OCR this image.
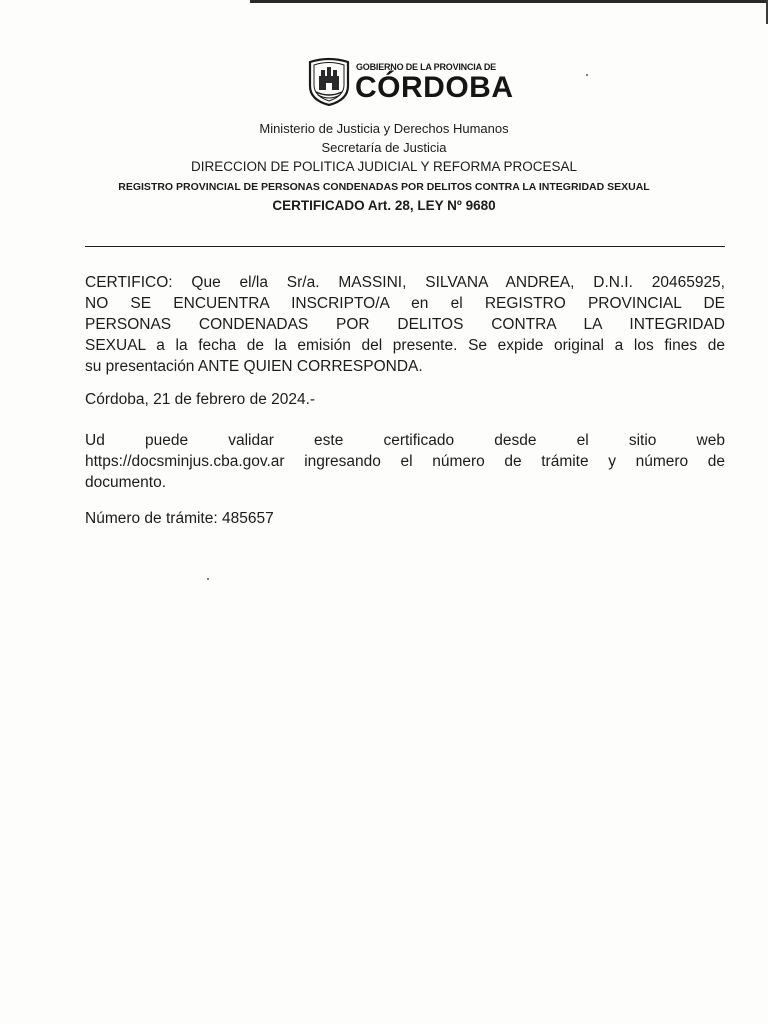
GOBIERNO DE LA PROVINCIA DE
CÓRDOBA
Ministerio de Justicia y Derechos Humanos
Secretaría de Justicia
DIRECCION DE POLITICA JUDICIAL Y REFORMA PROCESAL
REGISTRO PROVINCIAL DE PERSONAS CONDENADAS POR DELITOS CONTRA LA INTEGRIDAD SEXUAL
CERTIFICADO Art. 28, LEY Nº 9680
CERTIFICO: Que el/la Sr/a. MASSINI, SILVANA ANDREA, D.N.I. 20465925,
NO SE ENCUENTRA INSCRIPTO/A en el REGISTRO PROVINCIAL DE
PERSONAS CONDENADAS POR DELITOS CONTRA LA INTEGRIDAD
SEXUAL a la fecha de la emisión del presente. Se expide original a los fines de
su presentación ANTE QUIEN CORRESPONDA.
Córdoba, 21 de febrero de 2024.-
Ud puede validar este certificado desde el sitio web
https://docsminjus.cba.gov.ar ingresando el número de trámite y número de
documento.
Número de trámite: 485657
